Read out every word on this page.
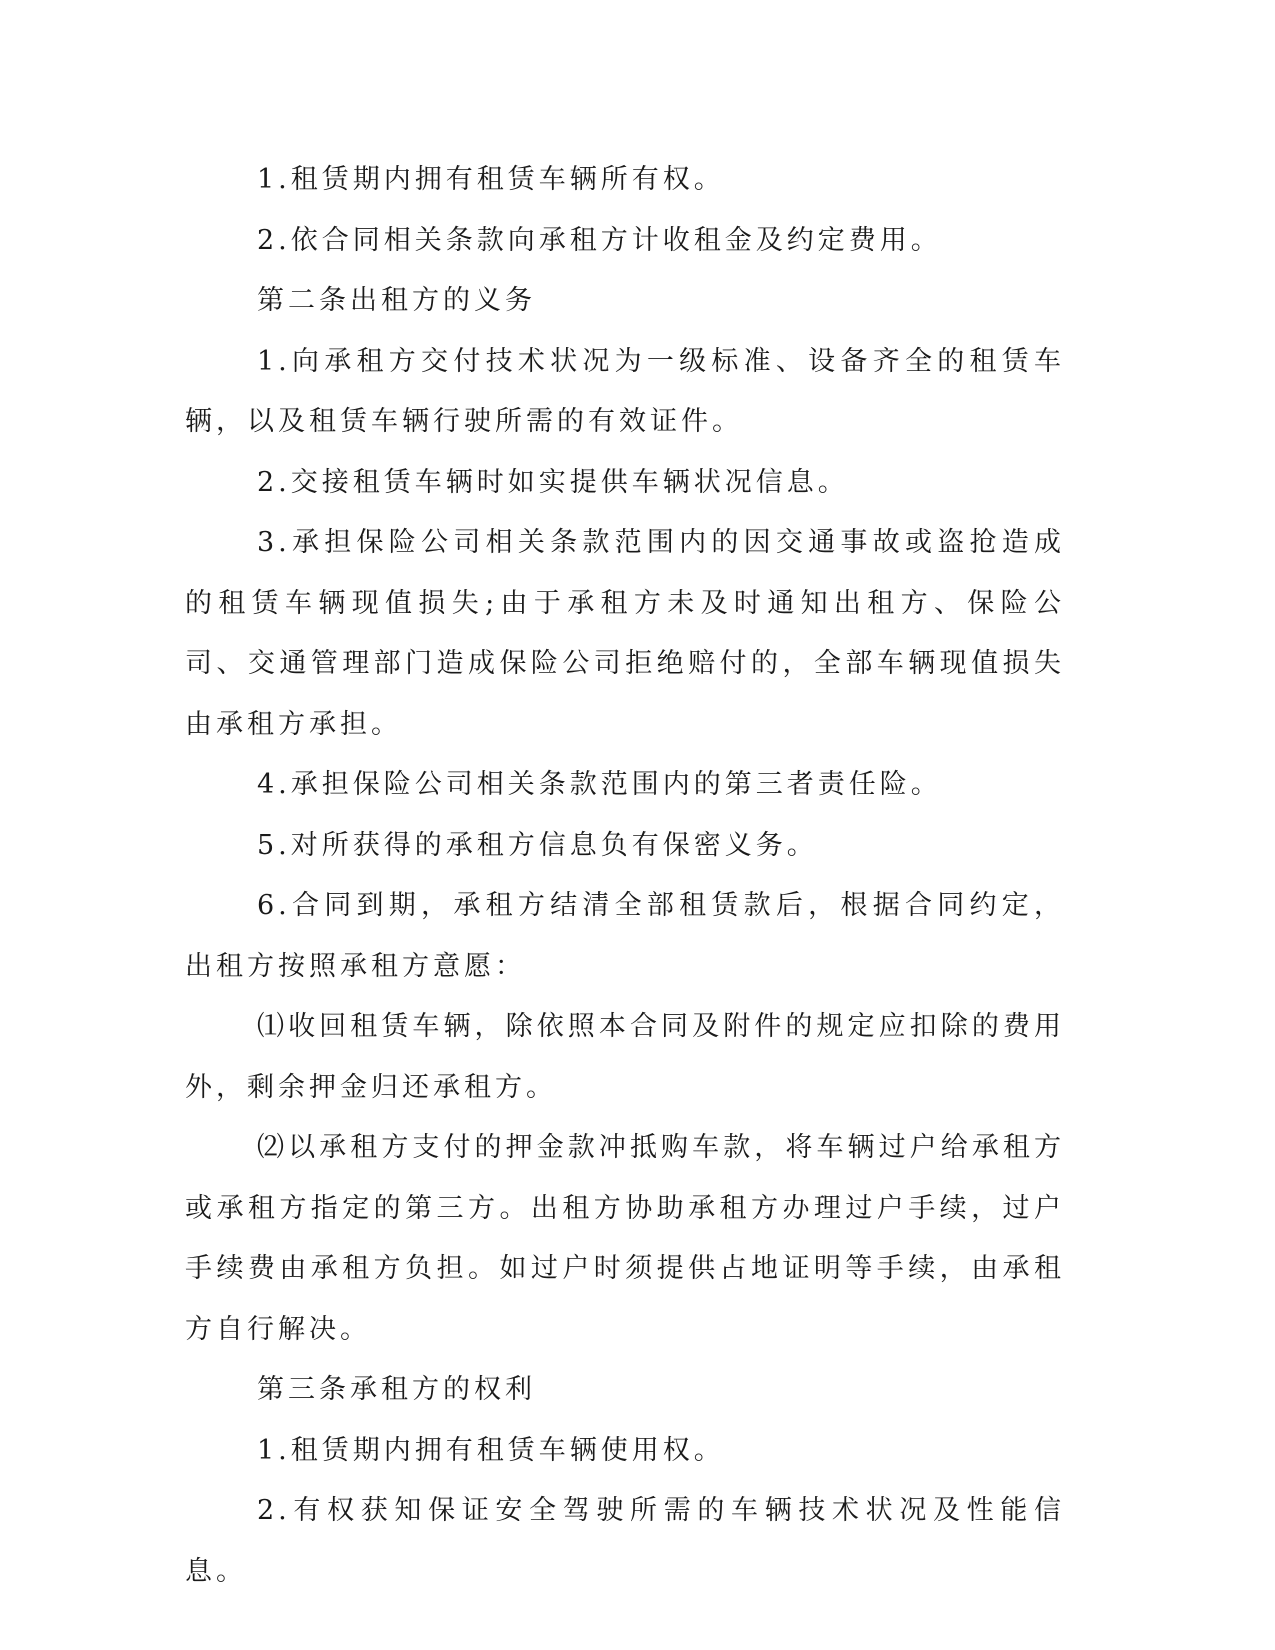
1.租赁期内拥有租赁车辆所有权。

2.依合同相关条款向承租方计收租金及约定费用。

第二条出租方的义务

1.向承租方交付技术状况为一级标准、设备齐全的租赁车辆，以及租赁车辆行驶所需的有效证件。

2.交接租赁车辆时如实提供车辆状况信息。

3.承担保险公司相关条款范围内的因交通事故或盗抢造成的租赁车辆现值损失;由于承租方未及时通知出租方、保险公司、交通管理部门造成保险公司拒绝赔付的，全部车辆现值损失由承租方承担。

4.承担保险公司相关条款范围内的第三者责任险。

5.对所获得的承租方信息负有保密义务。

6.合同到期，承租方结清全部租赁款后，根据合同约定，出租方按照承租方意愿：

⑴收回租赁车辆，除依照本合同及附件的规定应扣除的费用外，剩余押金归还承租方。

⑵以承租方支付的押金款冲抵购车款，将车辆过户给承租方或承租方指定的第三方。出租方协助承租方办理过户手续，过户手续费由承租方负担。如过户时须提供占地证明等手续，由承租方自行解决。

第三条承租方的权利

1.租赁期内拥有租赁车辆使用权。

2.有权获知保证安全驾驶所需的车辆技术状况及性能信息。
